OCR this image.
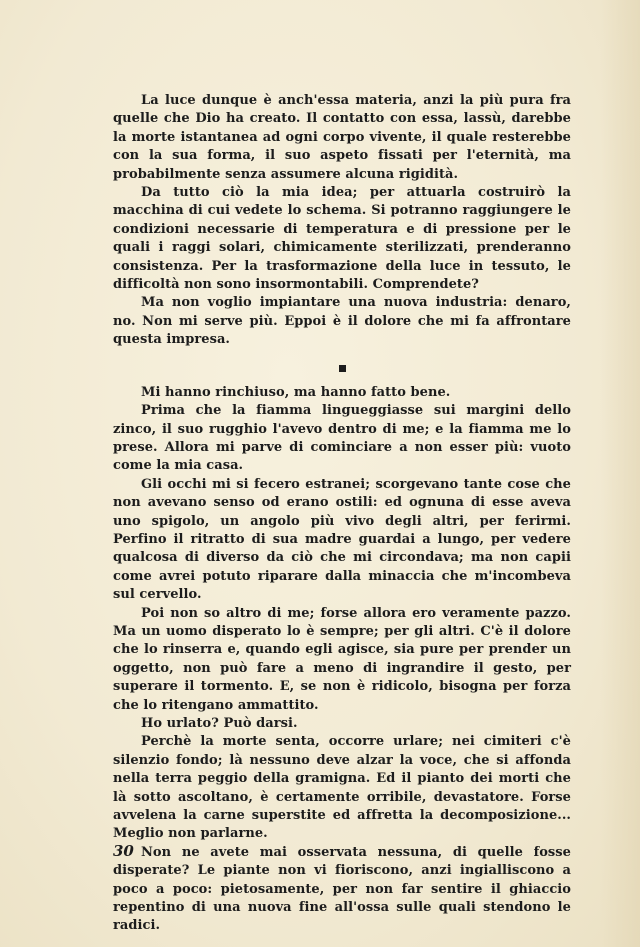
La luce dunque è anch'essa materia, anzi la più pura fra quelle che Dio ha creato. Il contatto con essa, lassù, darebbe la morte istantanea ad ogni corpo vivente, il quale resterebbe con la sua forma, il suo aspeto fissati per l'eternità, ma probabilmente senza assumere alcuna rigidità.

Da tutto ciò la mia idea; per attuarla costruirò la macchina di cui vedete lo schema. Si potranno raggiungere le condizioni necessarie di temperatura e di pressione per le quali i raggi solari, chimicamente sterilizzati, prenderanno consistenza. Per la trasformazione della luce in tessuto, le difficoltà non sono insormontabili. Comprendete?

Ma non voglio impiantare una nuova industria: denaro, no. Non mi serve più. Eppoi è il dolore che mi fa affrontare questa impresa.

Mi hanno rinchiuso, ma hanno fatto bene.

Prima che la fiamma lingueggiasse sui margini dello zinco, il suo rugghio l'avevo dentro di me; e la fiamma me lo prese. Allora mi parve di cominciare a non esser più: vuoto come la mia casa.

Gli occhi mi si fecero estranei; scorgevano tante cose che non avevano senso od erano ostili: ed ognuna di esse aveva uno spigolo, un angolo più vivo degli altri, per ferirmi. Perfino il ritratto di sua madre guardai a lungo, per vedere qualcosa di diverso da ciò che mi circondava; ma non capii come avrei potuto riparare dalla minaccia che m'incombeva sul cervello.

Poi non so altro di me; forse allora ero veramente pazzo. Ma un uomo disperato lo è sempre; per gli altri. C'è il dolore che lo rinserra e, quando egli agisce, sia pure per prender un oggetto, non può fare a meno di ingrandire il gesto, per superare il tormento. E, se non è ridicolo, bisogna per forza che lo ritengano ammattito.

Ho urlato? Può darsi.

Perchè la morte senta, occorre urlare; nei cimiteri c'è silenzio fondo; là nessuno deve alzar la voce, che si affonda nella terra peggio della gramigna. Ed il pianto dei morti che là sotto ascoltano, è certamente orribile, devastatore. Forse avvelena la carne superstite ed affretta la decomposizione... Meglio non parlarne.

Non ne avete mai osservata nessuna, di quelle fosse disperate? Le piante non vi fioriscono, anzi ingialliscono a poco a poco: pietosamente, per non far sentire il ghiaccio repentino di una nuova fine all'ossa sulle quali stendono le radici.

30
